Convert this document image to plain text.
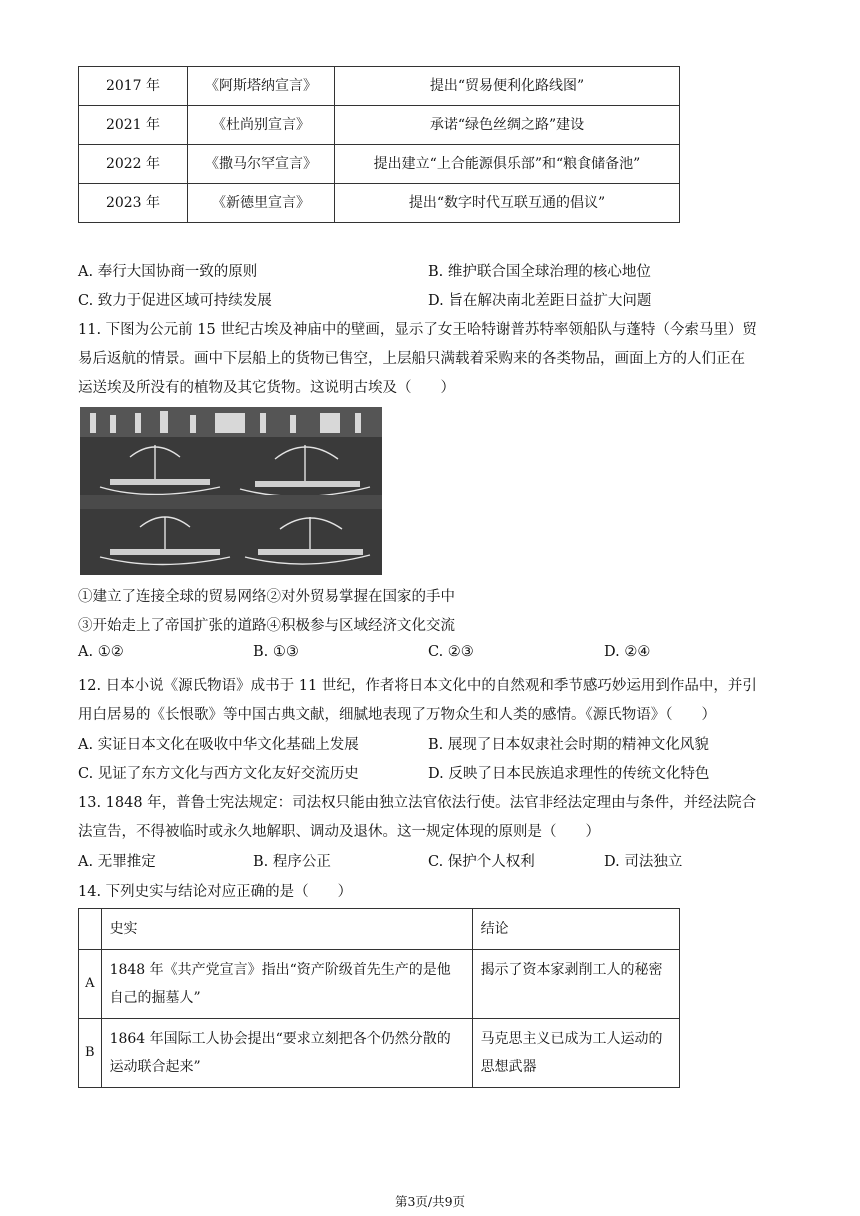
2017 年	《阿斯塔纳宣言》	提出“贸易便利化路线图”
2021 年	《杜尚别宣言》	承诺“绿色丝绸之路”建设
2022 年	《撒马尔罕宣言》	提出建立“上合能源俱乐部”和“粮食储备池”
2023 年	《新德里宣言》	提出“数字时代互联互通的倡议”
A. 奉行大国协商一致的原则	B. 维护联合国全球治理的核心地位
C. 致力于促进区域可持续发展	D. 旨在解决南北差距日益扩大问题
11. 下图为公元前 15 世纪古埃及神庙中的壁画，显示了女王哈特谢普苏特率领船队与蓬特（今索马里）贸
易后返航的情景。画中下层船上的货物已售空，上层船只满载着采购来的各类物品，画面上方的人们正在
运送埃及所没有的植物及其它货物。这说明古埃及（　　）
①建立了连接全球的贸易网络②对外贸易掌握在国家的手中
③开始走上了帝国扩张的道路④积极参与区域经济文化交流
A. ①②	B. ①③	C. ②③	D. ②④
12. 日本小说《源氏物语》成书于 11 世纪，作者将日本文化中的自然观和季节感巧妙运用到作品中，并引
用白居易的《长恨歌》等中国古典文献，细腻地表现了万物众生和人类的感情。《源氏物语》（　　）
A. 实证日本文化在吸收中华文化基础上发展	B. 展现了日本奴隶社会时期的精神文化风貌
C. 见证了东方文化与西方文化友好交流历史	D. 反映了日本民族追求理性的传统文化特色
13. 1848 年，普鲁士宪法规定：司法权只能由独立法官依法行使。法官非经法定理由与条件，并经法院合
法宣告，不得被临时或永久地解职、调动及退休。这一规定体现的原则是（　　）
A. 无罪推定	B. 程序公正	C. 保护个人权利	D. 司法独立
14. 下列史实与结论对应正确的是（　　）
	史实	结论
A	1848 年《共产党宣言》指出“资产阶级首先生产的是他自己的掘墓人”	揭示了资本家剥削工人的秘密
B	1864 年国际工人协会提出“要求立刻把各个仍然分散的运动联合起来”	马克思主义已成为工人运动的思想武器
第3页/共9页
